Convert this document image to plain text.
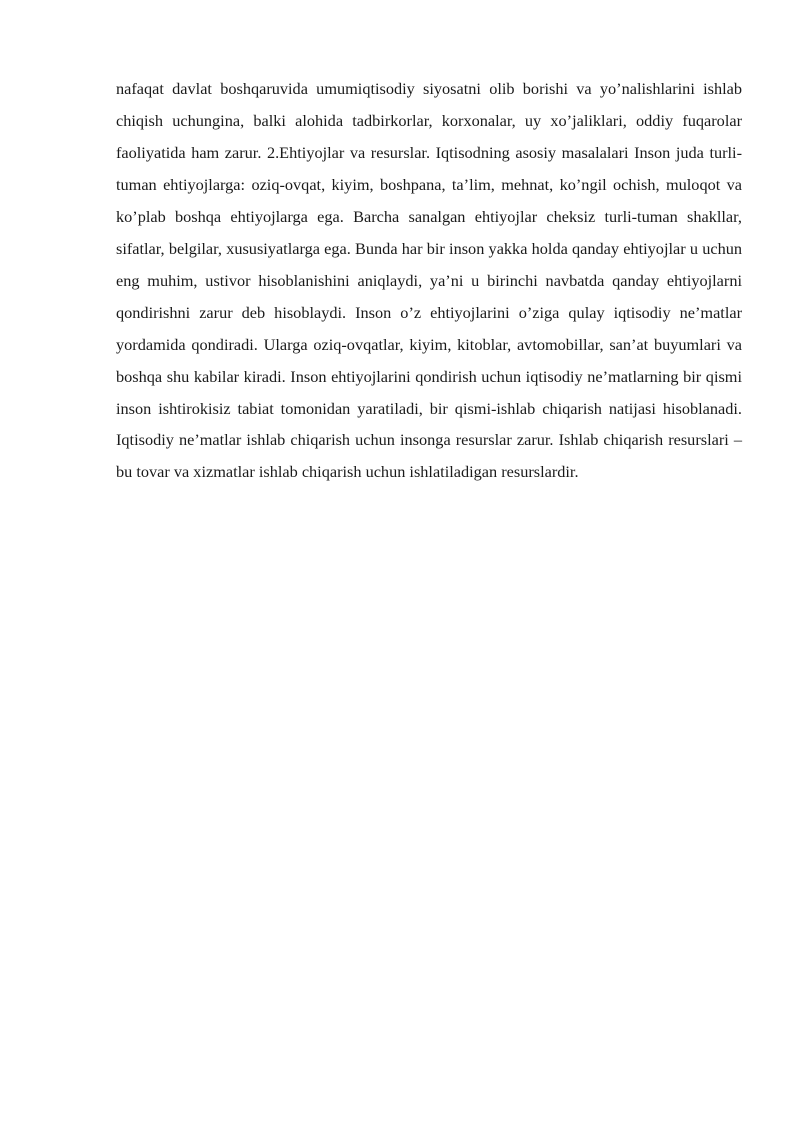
nafaqat davlat boshqaruvida umumiqtisodiy siyosatni olib borishi va yo’nalishlarini ishlab chiqish uchungina, balki alohida tadbirkorlar, korxonalar, uy xo’jaliklari, oddiy fuqarolar faoliyatida ham zarur. 2.Ehtiyojlar va resurslar. Iqtisodning asosiy masalalari Inson juda turli-tuman ehtiyojlarga: oziq-ovqat, kiyim, boshpana, ta’lim, mehnat, ko’ngil ochish, muloqot va ko’plab boshqa ehtiyojlarga ega. Barcha sanalgan ehtiyojlar cheksiz turli-tuman shakllar, sifatlar, belgilar, xususiyatlarga ega. Bunda har bir inson yakka holda qanday ehtiyojlar u uchun eng muhim, ustivor hisoblanishini aniqlaydi, ya’ni u birinchi navbatda qanday ehtiyojlarni qondirishni zarur deb hisoblaydi. Inson o’z ehtiyojlarini o’ziga qulay iqtisodiy ne’matlar yordamida qondiradi. Ularga oziq-ovqatlar, kiyim, kitoblar, avtomobillar, san’at buyumlari va boshqa shu kabilar kiradi. Inson ehtiyojlarini qondirish uchun iqtisodiy ne’matlarning bir qismi inson ishtirokisiz tabiat tomonidan yaratiladi, bir qismi-ishlab chiqarish natijasi hisoblanadi. Iqtisodiy ne’matlar ishlab chiqarish uchun insonga resurslar zarur. Ishlab chiqarish resurslari – bu tovar va xizmatlar ishlab chiqarish uchun ishlatiladigan resurslardir.
